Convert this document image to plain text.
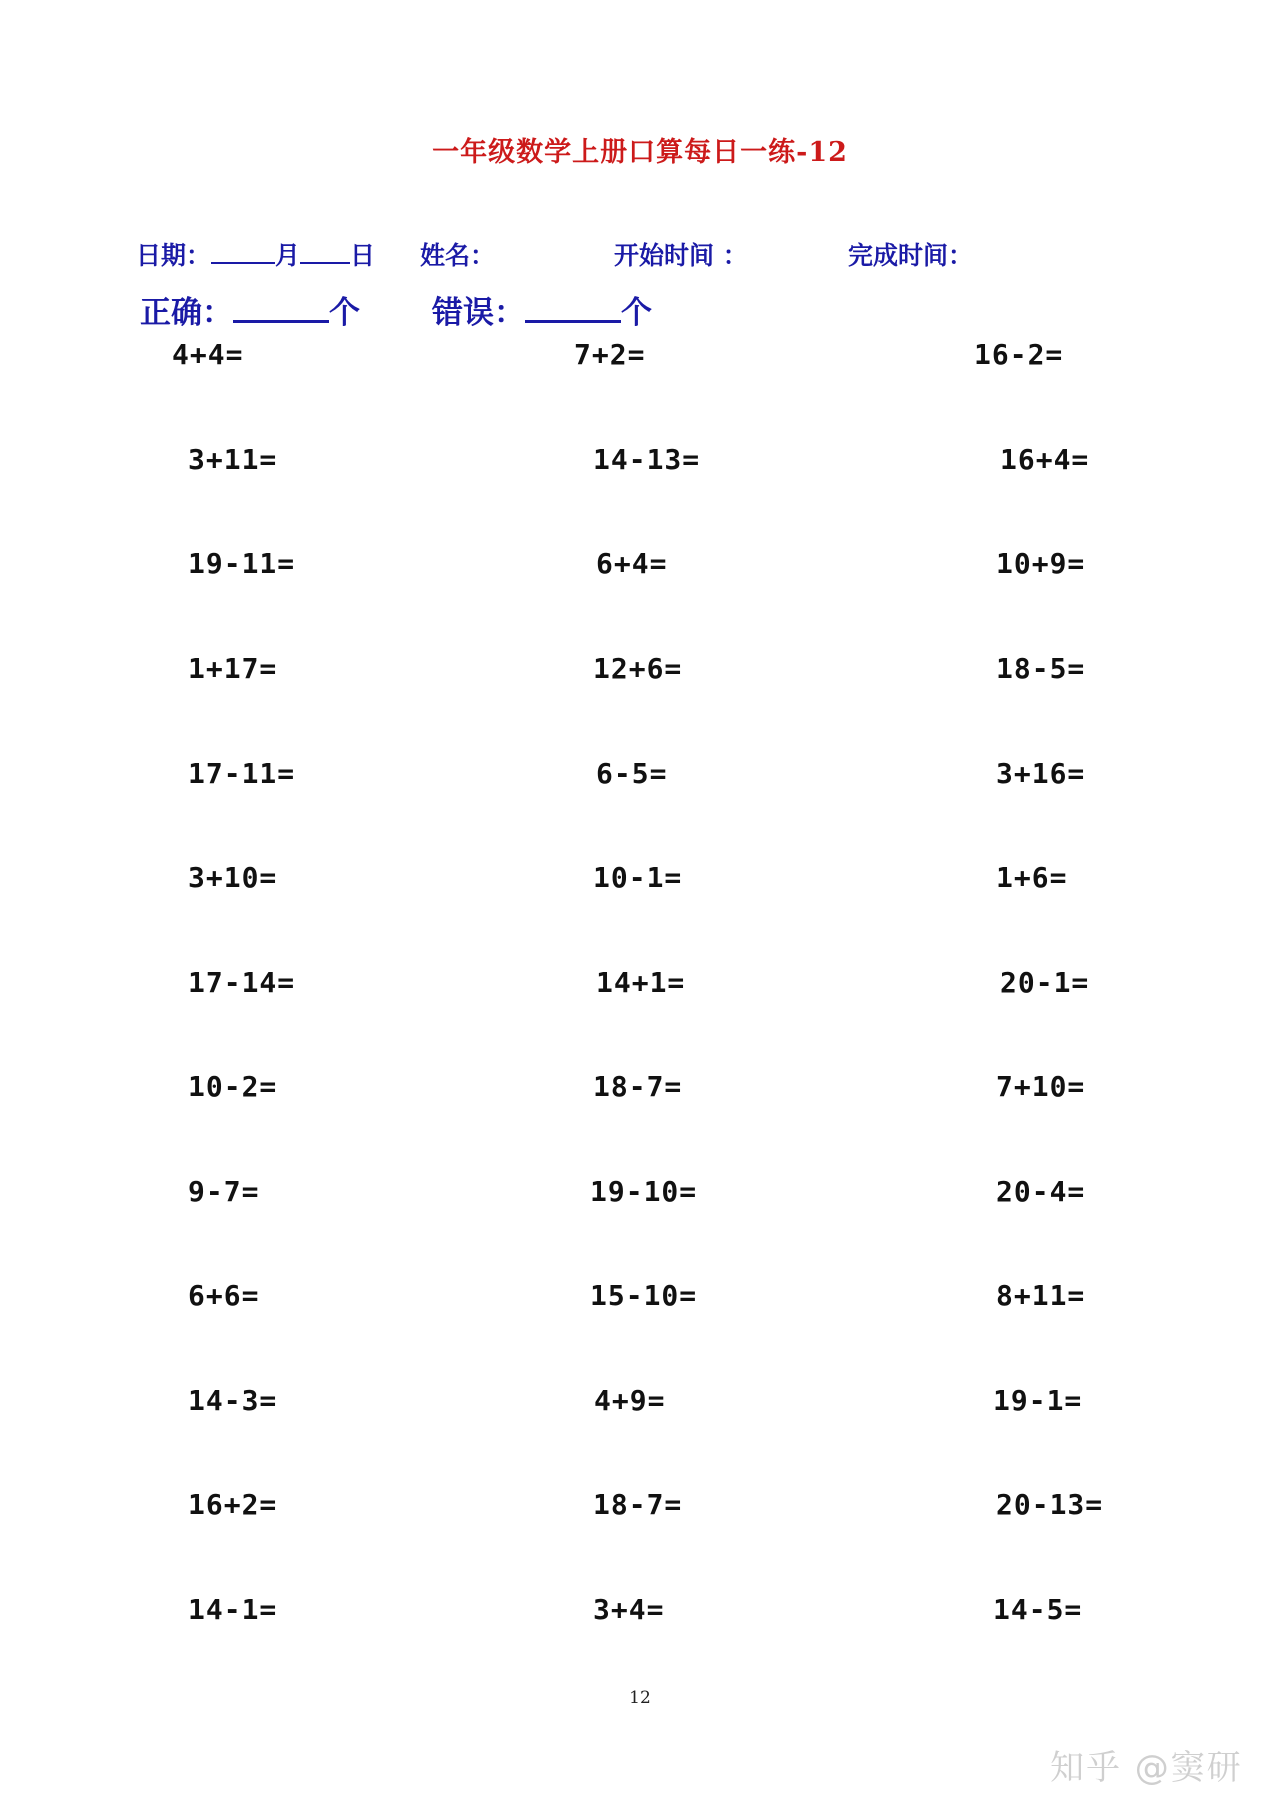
一年级数学上册口算每日一练-12
日期：	月 日 姓名：	开始时间 ：	完成时间：
正确：	个 错误：	个
4+4=	7+2=	16-2=
3+11=	14-13=	16+4=
19-11=	6+4=	10+9=
1+17=	12+6=	18-5=
17-11=	6-5=	3+16=
3+10=	10-1=	1+6=
17-14=	14+1=	20-1=
10-2=	18-7=	7+10=
9-7=	19-10=	20-4=
6+6=	15-10=	8+11=
14-3=	4+9=	19-1=
16+2=	18-7=	20-13=
14-1=	3+4=	14-5=
12
知乎 @窦研
